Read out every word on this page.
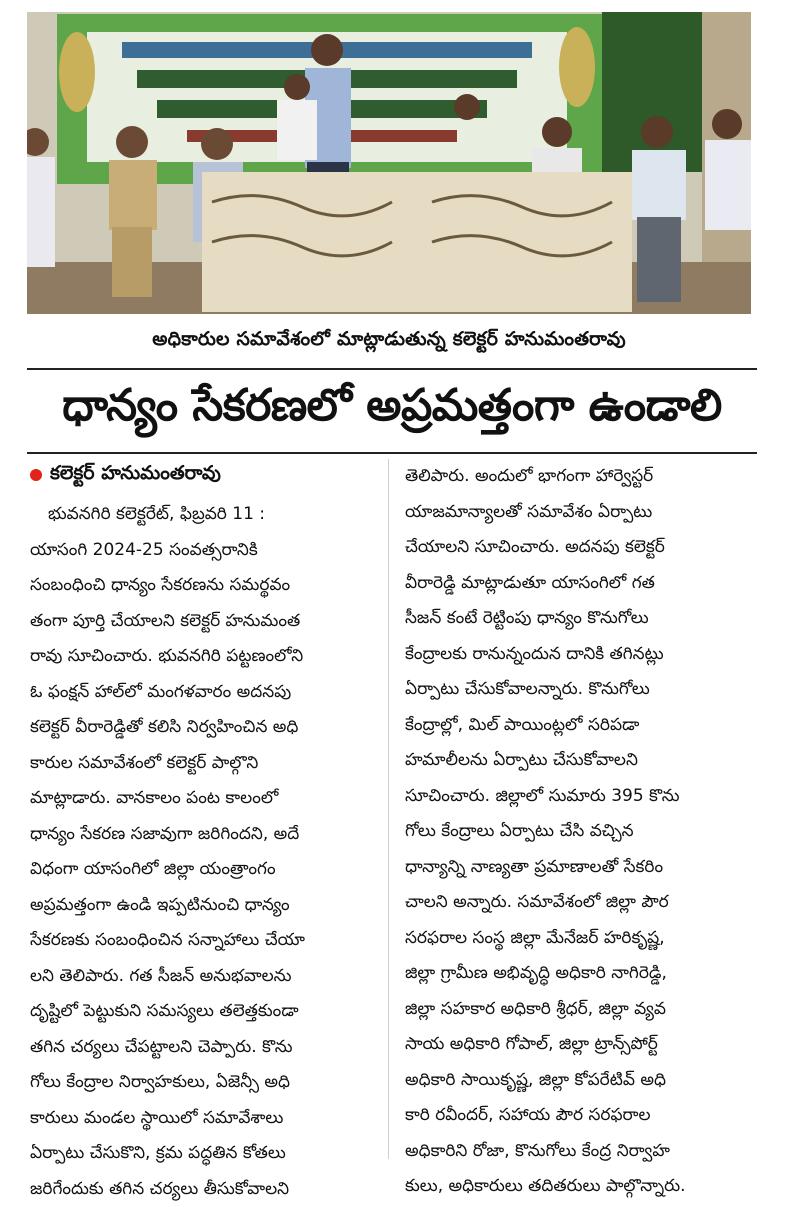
అధికారుల సమావేశంలో మాట్లాడుతున్న కలెక్టర్ హనుమంతరావు
ధాన్యం సేకరణలో అప్రమత్తంగా ఉండాలి
కలెక్టర్ హనుమంతరావు
భువనగిరి కలెక్టరేట్, ఫిబ్రవరి 11 :
యాసంగి 2024-25 సంవత్సరానికి
సంబంధించి ధాన్యం సేకరణను సమర్థవం
తంగా పూర్తి చేయాలని కలెక్టర్ హనుమంత
రావు సూచించారు. భువనగిరి పట్టణంలోని
ఓ ఫంక్షన్ హాల్‌లో మంగళవారం అదనపు
కలెక్టర్ వీరారెడ్డితో కలిసి నిర్వహించిన అధి
కారుల సమావేశంలో కలెక్టర్ పాల్గొని
మాట్లాడారు. వానకాలం పంట కాలంలో
ధాన్యం సేకరణ సజావుగా జరిగిందని, అదే
విధంగా యాసంగిలో జిల్లా యంత్రాంగం
అప్రమత్తంగా ఉండి ఇప్పటినుంచి ధాన్యం
సేకరణకు సంబంధించిన సన్నాహాలు చేయా
లని తెలిపారు. గత సీజన్ అనుభవాలను
దృష్టిలో పెట్టుకుని సమస్యలు తలెత్తకుండా
తగిన చర్యలు చేపట్టాలని చెప్పారు. కొను
గోలు కేంద్రాల నిర్వాహకులు, ఏజెన్సీ అధి
కారులు మండల స్థాయిలో సమావేశాలు
ఏర్పాటు చేసుకొని, క్రమ పద్ధతిన కోతలు
జరిగేందుకు తగిన చర్యలు తీసుకోవాలని
తెలిపారు. అందులో భాగంగా హార్వెస్టర్
యాజమాన్యాలతో సమావేశం ఏర్పాటు
చేయాలని సూచించారు. అదనపు కలెక్టర్
వీరారెడ్డి మాట్లాడుతూ యాసంగిలో గత
సీజన్ కంటే రెట్టింపు ధాన్యం కొనుగోలు
కేంద్రాలకు రానున్నందున దానికి తగినట్లు
ఏర్పాటు చేసుకోవాలన్నారు. కొనుగోలు
కేంద్రాల్లో, మిల్ పాయింట్లలో సరిపడా
హమాలీలను ఏర్పాటు చేసుకోవాలని
సూచించారు. జిల్లాలో సుమారు 395 కొను
గోలు కేంద్రాలు ఏర్పాటు చేసి వచ్చిన
ధాన్యాన్ని నాణ్యతా ప్రమాణాలతో సేకరిం
చాలని అన్నారు. సమావేశంలో జిల్లా పౌర
సరఫరాల సంస్థ జిల్లా మేనేజర్ హరికృష్ణ,
జిల్లా గ్రామీణ అభివృద్ధి అధికారి నాగిరెడ్డి,
జిల్లా సహకార అధికారి శ్రీధర్, జిల్లా వ్యవ
సాయ అధికారి గోపాల్, జిల్లా ట్రాన్స్‌పోర్ట్
అధికారి సాయికృష్ణ, జిల్లా కోపరేటివ్ అధి
కారి రవీందర్, సహాయ పౌర సరఫరాల
అధికారిని రోజా, కొనుగోలు కేంద్ర నిర్వాహ
కులు, అధికారులు తదితరులు పాల్గొన్నారు.
